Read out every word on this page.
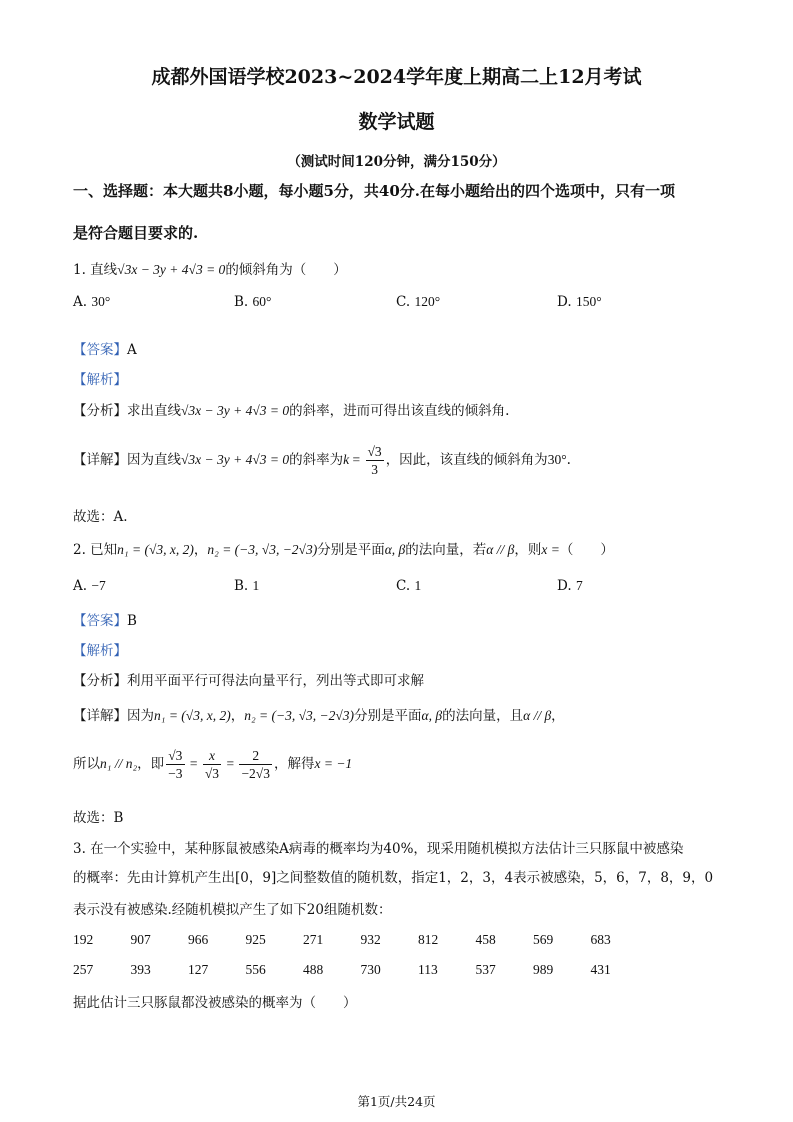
成都外国语学校2023~2024学年度上期高二上12月考试
数学试题
（测试时间120分钟，满分150分）
一、选择题：本大题共8小题，每小题5分，共40分.在每小题给出的四个选项中，只有一项
是符合题目要求的.
1. 直线√3x − 3y + 4√3 = 0的倾斜角为（　　）
A. 30°	B. 60°	C. 120°	D. 150°
【答案】A
【解析】
【分析】求出直线√3x − 3y + 4√3 = 0的斜率，进而可得出该直线的倾斜角.
【详解】因为直线√3x − 3y + 4√3 = 0的斜率为$k = \frac{√3}{3}$ ，因此，该直线的倾斜角为30°.
故选：A.
2. 已知n₁ = (√3, x, 2)，n₂ = (−3, √3, −2√3)分别是平面α, β的法向量，若α // β，则x =（　　）
A. −7	B. 1	C. 1	D. 7
【答案】B
【解析】
【分析】利用平面平行可得法向量平行，列出等式即可求解
【详解】因为n₁ = (√3, x, 2)，n₂ = (−3, √3, −2√3)分别是平面α, β的法向量，且α // β，
所以n₁ // n₂，即 $\frac{√3}{-3} = \frac{x}{√3} = \frac{2}{-2√3}$ ，解得x = −1
故选：B
3. 在一个实验中，某种豚鼠被感染A病毒的概率均为40%，现采用随机模拟方法估计三只豚鼠中被感染
的概率：先由计算机产生出[0，9]之间整数值的随机数，指定1，2，3，4表示被感染，5，6，7，8，9，0
表示没有被感染.经随机模拟产生了如下20组随机数：
192	907	966	925	271	932	812	458	569	683
257	393	127	556	488	730	113	537	989	431
据此估计三只豚鼠都没被感染的概率为（　　）
第1页/共24页
